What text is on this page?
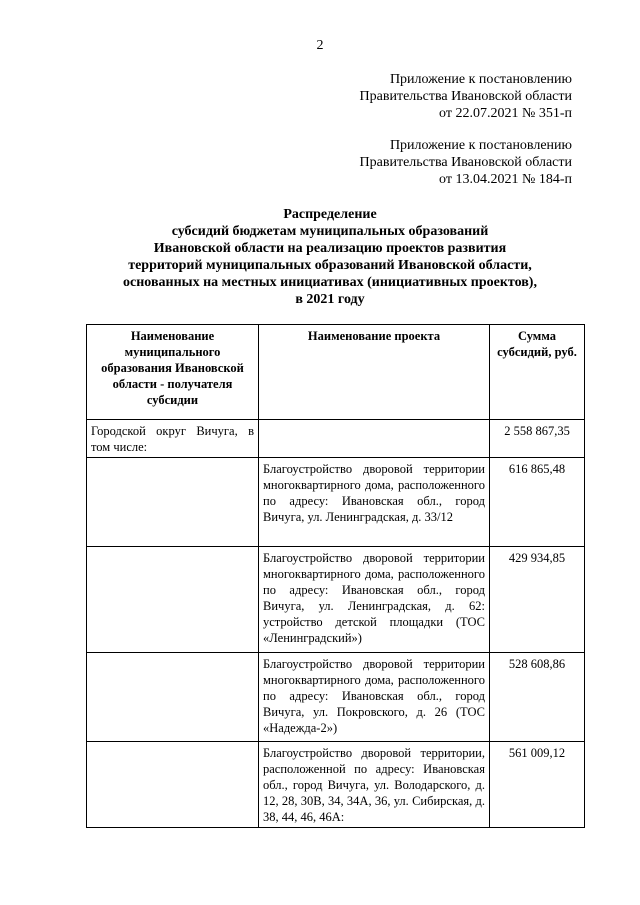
2
Приложение к постановлению
Правительства Ивановской области
от 22.07.2021 № 351-п
Приложение к постановлению
Правительства Ивановской области
от 13.04.2021 № 184-п
Распределение
субсидий бюджетам муниципальных образований
Ивановской области на реализацию проектов развития
территорий муниципальных образований Ивановской области,
основанных на местных инициативах (инициативных проектов),
в 2021 году
Наименование муниципального образования Ивановской области - получателя субсидии	Наименование проекта	Сумма субсидий, руб.
Городской округ Вичуга, в том числе:		2 558 867,35
	Благоустройство дворовой территории многоквартирного дома, расположенного по адресу: Ивановская обл., город Вичуга, ул. Ленинградская, д. 33/12	616 865,48
	Благоустройство дворовой территории многоквартирного дома, расположенного по адресу: Ивановская обл., город Вичуга, ул. Ленинградская, д. 62: устройство детской площадки (ТОС «Ленинградский»)	429 934,85
	Благоустройство дворовой территории многоквартирного дома, расположенного по адресу: Ивановская обл., город Вичуга, ул. Покровского, д. 26 (ТОС «Надежда-2»)	528 608,86
	Благоустройство дворовой территории, расположенной по адресу: Ивановская обл., город Вичуга, ул. Володарского, д. 12, 28, 30В, 34, 34А, 36, ул. Сибирская, д. 38, 44, 46, 46А:	561 009,12
